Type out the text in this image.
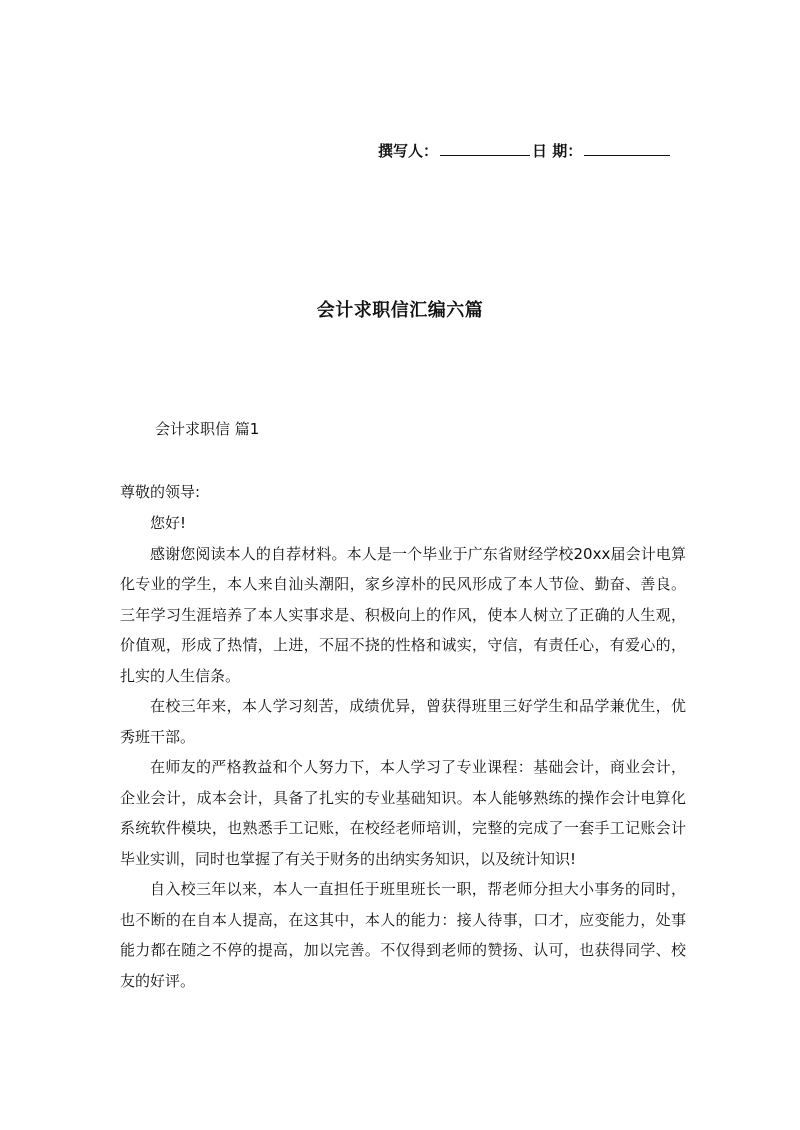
撰写人：	日 期：
会计求职信汇编六篇
会计求职信 篇1
尊敬的领导:

您好!

感谢您阅读本人的自荐材料。本人是一个毕业于广东省财经学校20xx届会计电算化专业的学生，本人来自汕头潮阳，家乡淳朴的民风形成了本人节俭、勤奋、善良。三年学习生涯培养了本人实事求是、积极向上的作风，使本人树立了正确的人生观，价值观，形成了热情，上进，不屈不挠的性格和诚实，守信，有责任心，有爱心的，扎实的人生信条。

在校三年来，本人学习刻苦，成绩优异，曾获得班里三好学生和品学兼优生，优秀班干部。

在师友的严格教益和个人努力下，本人学习了专业课程：基础会计，商业会计，企业会计，成本会计，具备了扎实的专业基础知识。本人能够熟练的操作会计电算化系统软件模块，也熟悉手工记账，在校经老师培训，完整的完成了一套手工记账会计毕业实训，同时也掌握了有关于财务的出纳实务知识，以及统计知识!

自入校三年以来，本人一直担任于班里班长一职，帮老师分担大小事务的同时，也不断的在自本人提高，在这其中，本人的能力：接人待事，口才，应变能力，处事能力都在随之不停的提高，加以完善。不仅得到老师的赞扬、认可，也获得同学、校友的好评。
